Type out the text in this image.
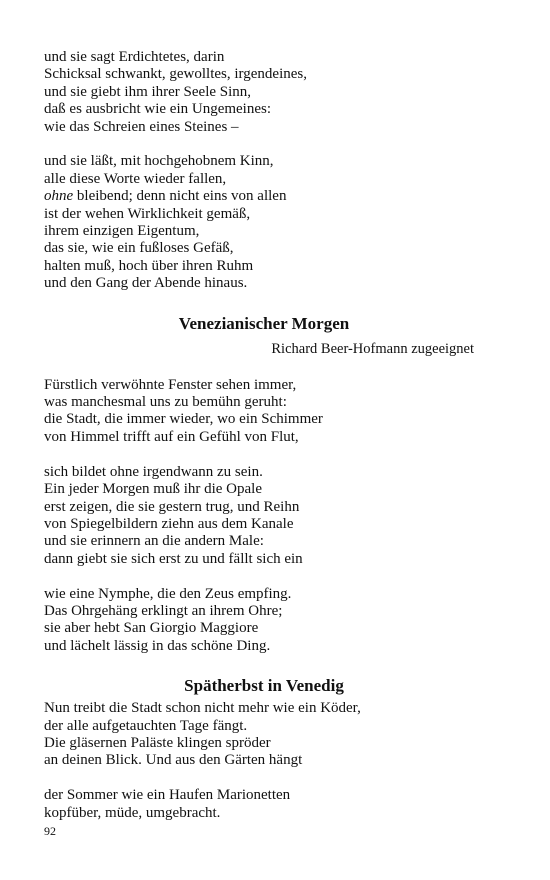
und sie sagt Erdichtetes, darin
Schicksal schwankt, gewolltes, irgendeines,
und sie giebt ihm ihrer Seele Sinn,
daß es ausbricht wie ein Ungemeines:
wie das Schreien eines Steines –
und sie läßt, mit hochgehobnem Kinn,
alle diese Worte wieder fallen,
ohne bleibend; denn nicht eins von allen
ist der wehen Wirklichkeit gemäß,
ihrem einzigen Eigentum,
das sie, wie ein fußloses Gefäß,
halten muß, hoch über ihren Ruhm
und den Gang der Abende hinaus.
Venezianischer Morgen
Richard Beer-Hofmann zugeeignet
Fürstlich verwöhnte Fenster sehen immer,
was manchesmal uns zu bemühn geruht:
die Stadt, die immer wieder, wo ein Schimmer
von Himmel trifft auf ein Gefühl von Flut,
sich bildet ohne irgendwann zu sein.
Ein jeder Morgen muß ihr die Opale
erst zeigen, die sie gestern trug, und Reihn
von Spiegelbildern ziehn aus dem Kanale
und sie erinnern an die andern Male:
dann giebt sie sich erst zu und fällt sich ein
wie eine Nymphe, die den Zeus empfing.
Das Ohrgehäng erklingt an ihrem Ohre;
sie aber hebt San Giorgio Maggiore
und lächelt lässig in das schöne Ding.
Spätherbst in Venedig
Nun treibt die Stadt schon nicht mehr wie ein Köder,
der alle aufgetauchten Tage fängt.
Die gläsernen Paläste klingen spröder
an deinen Blick. Und aus den Gärten hängt
der Sommer wie ein Haufen Marionetten
kopfüber, müde, umgebracht.
92
